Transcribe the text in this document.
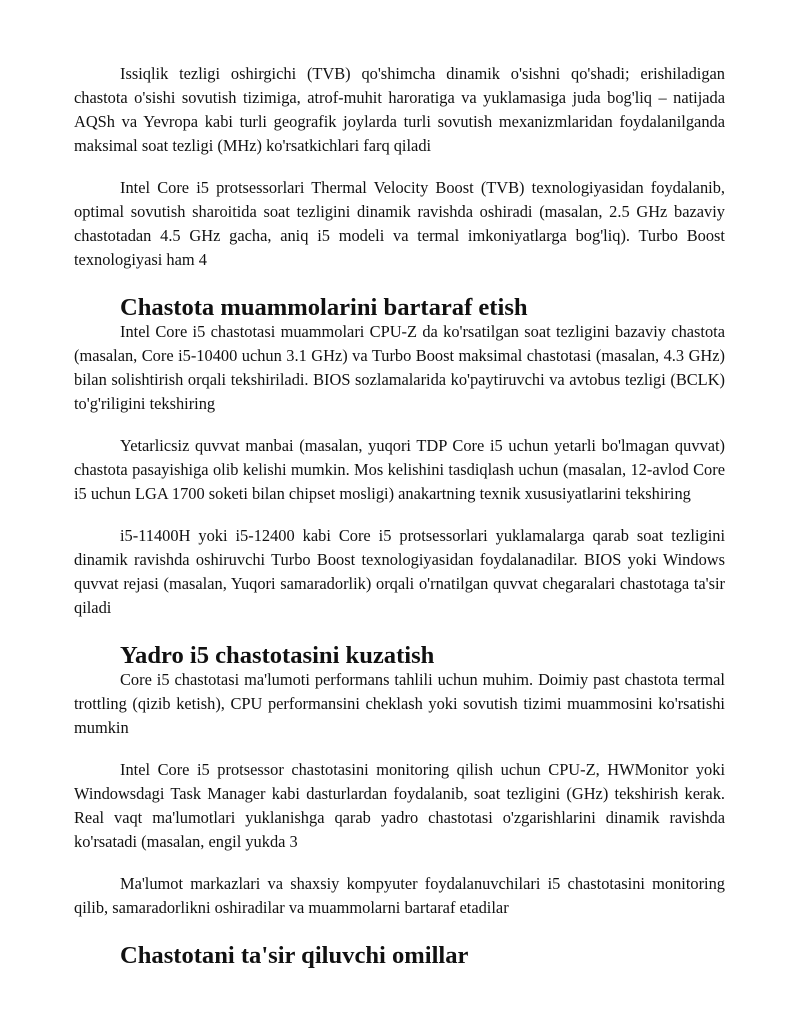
Issiqlik tezligi oshirgichi (TVB) qo'shimcha dinamik o'sishni qo'shadi; erishiladigan chastota o'sishi sovutish tizimiga, atrof-muhit haroratiga va yuklamasiga juda bog'liq – natijada AQSh va Yevropa kabi turli geografik joylarda turli sovutish mexanizmlaridan foydalanilganda maksimal soat tezligi (MHz) ko'rsatkichlari farq qiladi

Intel Core i5 protsessorlari Thermal Velocity Boost (TVB) texnologiyasidan foydalanib, optimal sovutish sharoitida soat tezligini dinamik ravishda oshiradi (masalan, 2.5 GHz bazaviy chastotadan 4.5 GHz gacha, aniq i5 modeli va termal imkoniyatlarga bog'liq). Turbo Boost texnologiyasi ham 4

Chastota muammolarini bartaraf etish

Intel Core i5 chastotasi muammolari CPU-Z da ko'rsatilgan soat tezligini bazaviy chastota (masalan, Core i5-10400 uchun 3.1 GHz) va Turbo Boost maksimal chastotasi (masalan, 4.3 GHz) bilan solishtirish orqali tekshiriladi. BIOS sozlamalarida ko'paytiruvchi va avtobus tezligi (BCLK) to'g'riligini tekshiring

Yetarlicsiz quvvat manbai (masalan, yuqori TDP Core i5 uchun yetarli bo'lmagan quvvat) chastota pasayishiga olib kelishi mumkin. Mos kelishini tasdiqlash uchun (masalan, 12-avlod Core i5 uchun LGA 1700 soketi bilan chipset mosligi) anakartning texnik xususiyatlarini tekshiring

i5-11400H yoki i5-12400 kabi Core i5 protsessorlari yuklamalarga qarab soat tezligini dinamik ravishda oshiruvchi Turbo Boost texnologiyasidan foydalanadilar. BIOS yoki Windows quvvat rejasi (masalan, Yuqori samaradorlik) orqali o'rnatilgan quvvat chegaralari chastotaga ta'sir qiladi

Yadro i5 chastotasini kuzatish

Core i5 chastotasi ma'lumoti performans tahlili uchun muhim. Doimiy past chastota termal trottling (qizib ketish), CPU performansini cheklash yoki sovutish tizimi muammosini ko'rsatishi mumkin

Intel Core i5 protsessor chastotasini monitoring qilish uchun CPU-Z, HWMonitor yoki Windowsdagi Task Manager kabi dasturlardan foydalanib, soat tezligini (GHz) tekshirish kerak. Real vaqt ma'lumotlari yuklanishga qarab yadro chastotasi o'zgarishlarini dinamik ravishda ko'rsatadi (masalan, engil yukda 3

Ma'lumot markazlari va shaxsiy kompyuter foydalanuvchilari i5 chastotasini monitoring qilib, samaradorlikni oshiradilar va muammolarni bartaraf etadilar

Chastotani ta'sir qiluvchi omillar
